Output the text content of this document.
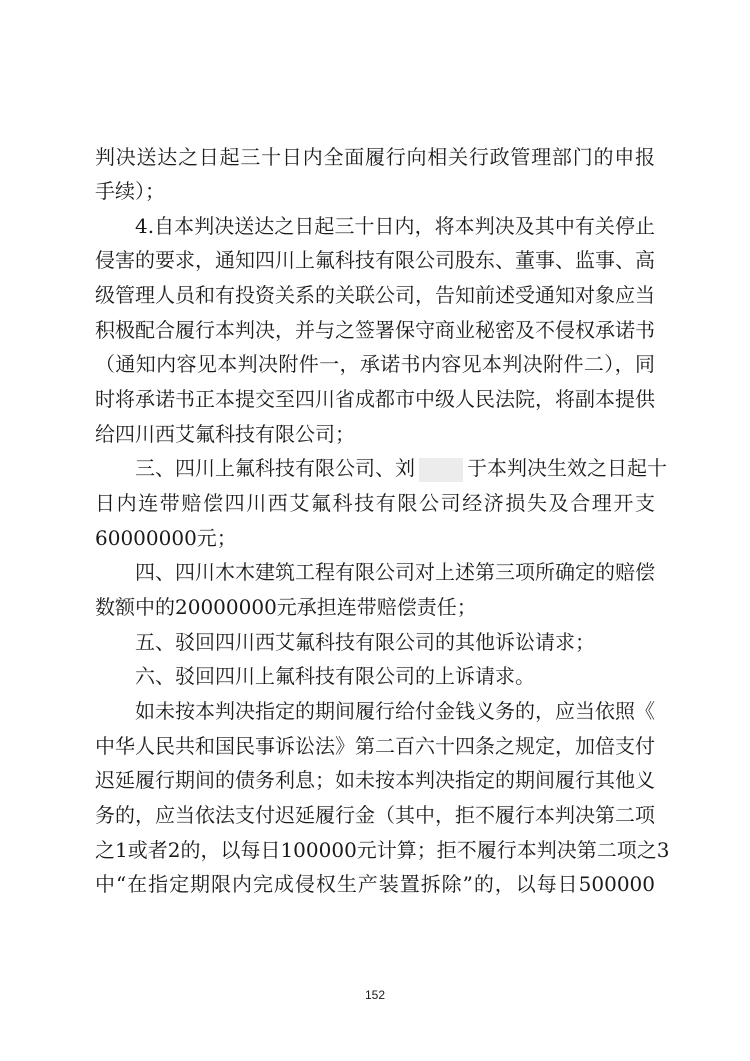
判决送达之日起三十日内全面履行向相关行政管理部门的申报
手续）；
4.自本判决送达之日起三十日内，将本判决及其中有关停止
侵害的要求，通知四川上氟科技有限公司股东、董事、监事、高
级管理人员和有投资关系的关联公司，告知前述受通知对象应当
积极配合履行本判决，并与之签署保守商业秘密及不侵权承诺书
（通知内容见本判决附件一，承诺书内容见本判决附件二），同
时将承诺书正本提交至四川省成都市中级人民法院，将副本提供
给四川西艾氟科技有限公司；
三、四川上氟科技有限公司、刘	于本判决生效之日起十
日内连带赔偿四川西艾氟科技有限公司经济损失及合理开支
60000000元；
四、四川木木建筑工程有限公司对上述第三项所确定的赔偿
数额中的20000000元承担连带赔偿责任；
五、驳回四川西艾氟科技有限公司的其他诉讼请求；
六、驳回四川上氟科技有限公司的上诉请求。
如未按本判决指定的期间履行给付金钱义务的，应当依照《
中华人民共和国民事诉讼法》第二百六十四条之规定，加倍支付
迟延履行期间的债务利息；如未按本判决指定的期间履行其他义
务的，应当依法支付迟延履行金（其中，拒不履行本判决第二项
之1或者2的，以每日100000元计算；拒不履行本判决第二项之3
中“在指定期限内完成侵权生产装置拆除”的，以每日500000
152
